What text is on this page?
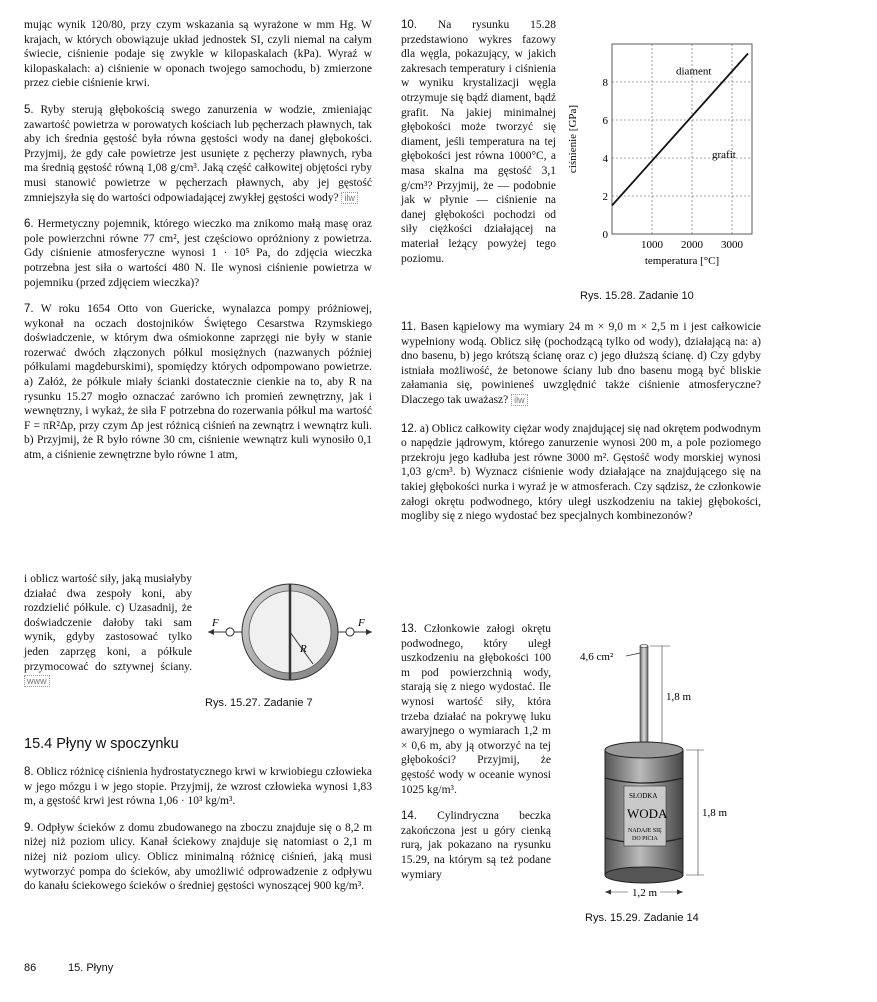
mując wynik 120/80, przy czym wskazania są wyrażone w mm Hg. W krajach, w których obowiązuje układ jednostek SI, czyli niemal na całym świecie, ciśnienie podaje się zwykle w kilopaskalach (kPa). Wyraź w kilopaskalach: a) ciśnienie w oponach twojego samochodu, b) zmierzone przez ciebie ciśnienie krwi.

5. Ryby sterują głębokością swego zanurzenia w wodzie, zmieniając zawartość powietrza w porowatych kościach lub pęcherzach pławnych, tak aby ich średnia gęstość była równa gęstości wody na danej głębokości. Przyjmij, że gdy całe powietrze jest usunięte z pęcherzy pławnych, ryba ma średnią gęstość równą 1,08 g/cm³. Jaką część całkowitej objętości ryby musi stanowić powietrze w pęcherzach pławnych, aby jej gęstość zmniejszyła się do wartości odpowiadającej zwykłej gęstości wody? ilw

6. Hermetyczny pojemnik, którego wieczko ma znikomo małą masę oraz pole powierzchni równe 77 cm², jest częściowo opróżniony z powietrza. Gdy ciśnienie atmosferyczne wynosi 1 · 10⁵ Pa, do zdjęcia wieczka potrzebna jest siła o wartości 480 N. Ile wynosi ciśnienie powietrza w pojemniku (przed zdjęciem wieczka)?

7. W roku 1654 Otto von Guericke, wynalazca pompy próżniowej, wykonał na oczach dostojników Świętego Cesarstwa Rzymskiego doświadczenie, w którym dwa ośmiokonne zaprzęgi nie były w stanie rozerwać dwóch złączonych półkul mosiężnych (nazwanych później półkulami magdeburskimi), spomiędzy których odpompowano powietrze. a) Załóż, że półkule miały ścianki dostatecznie cienkie na to, aby R na rysunku 15.27 mogło oznaczać zarówno ich promień zewnętrzny, jak i wewnętrzny, i wykaż, że siła F potrzebna do rozerwania półkul ma wartość F = πR²Δp, przy czym Δp jest różnicą ciśnień na zewnątrz i wewnątrz kuli. b) Przyjmij, że R było równe 30 cm, ciśnienie wewnątrz kuli wynosiło 0,1 atm, a ciśnienie zewnętrzne było równe 1 atm,

i oblicz wartość siły, jaką musiałyby działać dwa zespoły koni, aby rozdzielić półkule. c) Uzasadnij, że doświadczenie dałoby taki sam wynik, gdyby zastosować tylko jeden zaprzęg koni, a półkule przymocować do sztywnej ściany. www
R
F	F
Rys. 15.27. Zadanie 7
15.4 Płyny w spoczynku

8. Oblicz różnicę ciśnienia hydrostatycznego krwi w krwiobiegu człowieka w jego mózgu i w jego stopie. Przyjmij, że wzrost człowieka wynosi 1,83 m, a gęstość krwi jest równa 1,06 · 10³ kg/m³.

9. Odpływ ścieków z domu zbudowanego na zboczu znajduje się o 8,2 m niżej niż poziom ulicy. Kanał ściekowy znajduje się natomiast o 2,1 m niżej niż poziom ulicy. Oblicz minimalną różnicę ciśnień, jaką musi wytworzyć pompa do ścieków, aby umożliwić odprowadzenie z odpływu do kanału ściekowego ścieków o średniej gęstości wynoszącej 900 kg/m³.

10. Na rysunku 15.28 przedstawiono wykres fazowy dla węgla, pokazujący, w jakich zakresach temperatury i ciśnienia w wyniku krystalizacji węgla otrzymuje się bądź diament, bądź grafit. Na jakiej minimalnej głębokości może tworzyć się diament, jeśli temperatura na tej głębokości jest równa 1000°C, a masa skalna ma gęstość 3,1 g/cm³? Przyjmij, że — podobnie jak w płynie — ciśnienie na danej głębokości pochodzi od siły ciężkości działającej na materiał leżący powyżej tego poziomu.
0
2
4
6
8
1000 2000 3000
diament
grafit
temperatura [°C]
ciśnienie [GPa]
Rys. 15.28. Zadanie 10

11. Basen kąpielowy ma wymiary 24 m × 9,0 m × 2,5 m i jest całkowicie wypełniony wodą. Oblicz siłę (pochodzącą tylko od wody), działającą na: a) dno basenu, b) jego krótszą ścianę oraz c) jego dłuższą ścianę. d) Czy gdyby istniała możliwość, że betonowe ściany lub dno basenu mogą być bliskie załamania się, powinieneś uwzględnić także ciśnienie atmosferyczne? Dlaczego tak uważasz? ilw

12. a) Oblicz całkowity ciężar wody znajdującej się nad okrętem podwodnym o napędzie jądrowym, którego zanurzenie wynosi 200 m, a pole poziomego przekroju jego kadłuba jest równe 3000 m². Gęstość wody morskiej wynosi 1,03 g/cm³. b) Wyznacz ciśnienie wody działające na znajdującego się na takiej głębokości nurka i wyraź je w atmosferach. Czy sądzisz, że członkowie załogi okrętu podwodnego, który uległ uszkodzeniu na takiej głębokości, mogliby się z niego wydostać bez specjalnych kombinezonów?

13. Członkowie załogi okrętu podwodnego, który uległ uszkodzeniu na głębokości 100 m pod powierzchnią wody, starają się z niego wydostać. Ile wynosi wartość siły, która trzeba działać na pokrywę luku awaryjnego o wymiarach 1,2 m × 0,6 m, aby ją otworzyć na tej głębokości? Przyjmij, że gęstość wody w oceanie wynosi 1025 kg/m³.

14. Cylindryczna beczka zakończona jest u góry cienką rurą, jak pokazano na rysunku 15.29, na którym są też podane wymiary

4,6 cm²
1,8 m
SŁODKA
WODA
NADAJE SIĘ
DO PICIA
1,8 m
1,2 m
Rys. 15.29. Zadanie 14
86	15. Płyny
